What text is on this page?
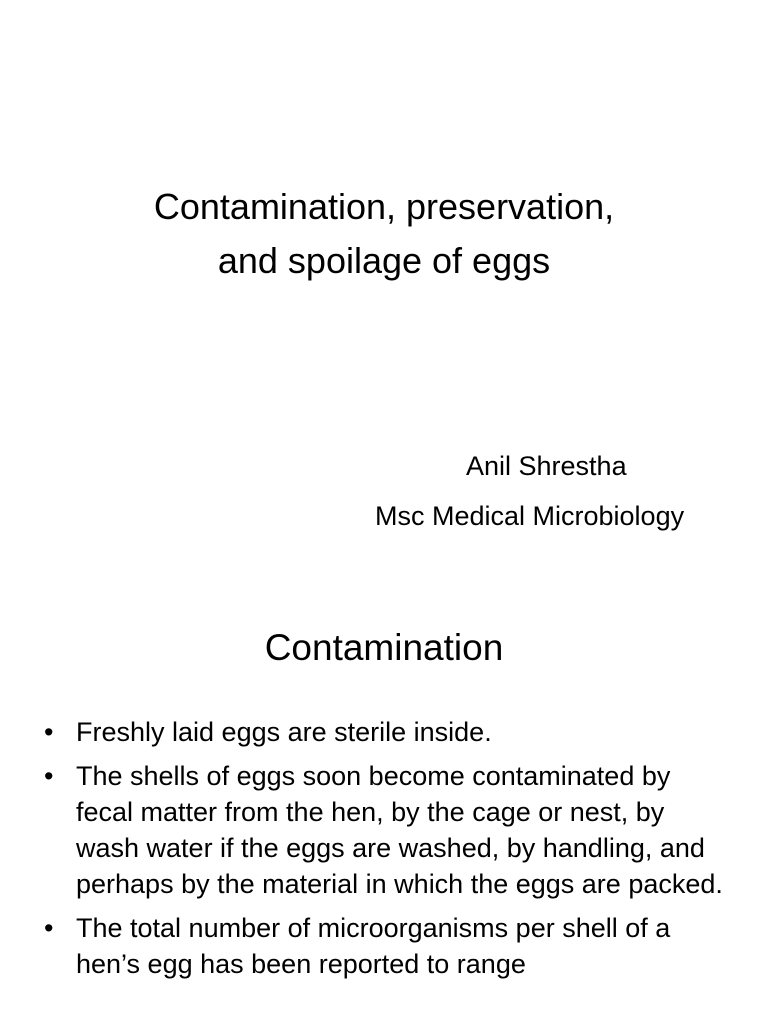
Contamination, preservation,
and spoilage of eggs
Anil Shrestha
Msc Medical Microbiology
Contamination
• Freshly laid eggs are sterile inside.
• The shells of eggs soon become contaminated by fecal matter from the hen, by the cage or nest, by wash water if the eggs are washed, by handling, and perhaps by the material in which the eggs are packed.
• The total number of microorganisms per shell of a hen’s egg has been reported to range
